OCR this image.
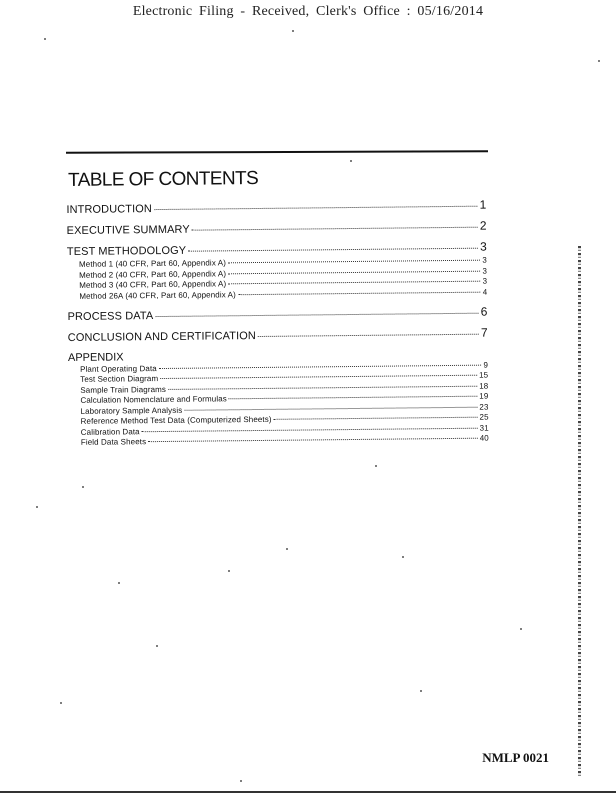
Electronic Filing - Received, Clerk's Office : 05/16/2014
TABLE OF CONTENTS
INTRODUCTION	1
EXECUTIVE SUMMARY	2
TEST METHODOLOGY	3
Method 1 (40 CFR, Part 60, Appendix A)	3
Method 2 (40 CFR, Part 60, Appendix A)	3
Method 3 (40 CFR, Part 60, Appendix A)	3
Method 26A (40 CFR, Part 60, Appendix A)	4
PROCESS DATA	6
CONCLUSION AND CERTIFICATION	7
APPENDIX
Plant Operating Data	9
Test Section Diagram	15
Sample Train Diagrams	18
Calculation Nomenclature and Formulas	19
Laboratory Sample Analysis	23
Reference Method Test Data (Computerized Sheets)	25
Calibration Data	31
Field Data Sheets	40
NMLP 0021
